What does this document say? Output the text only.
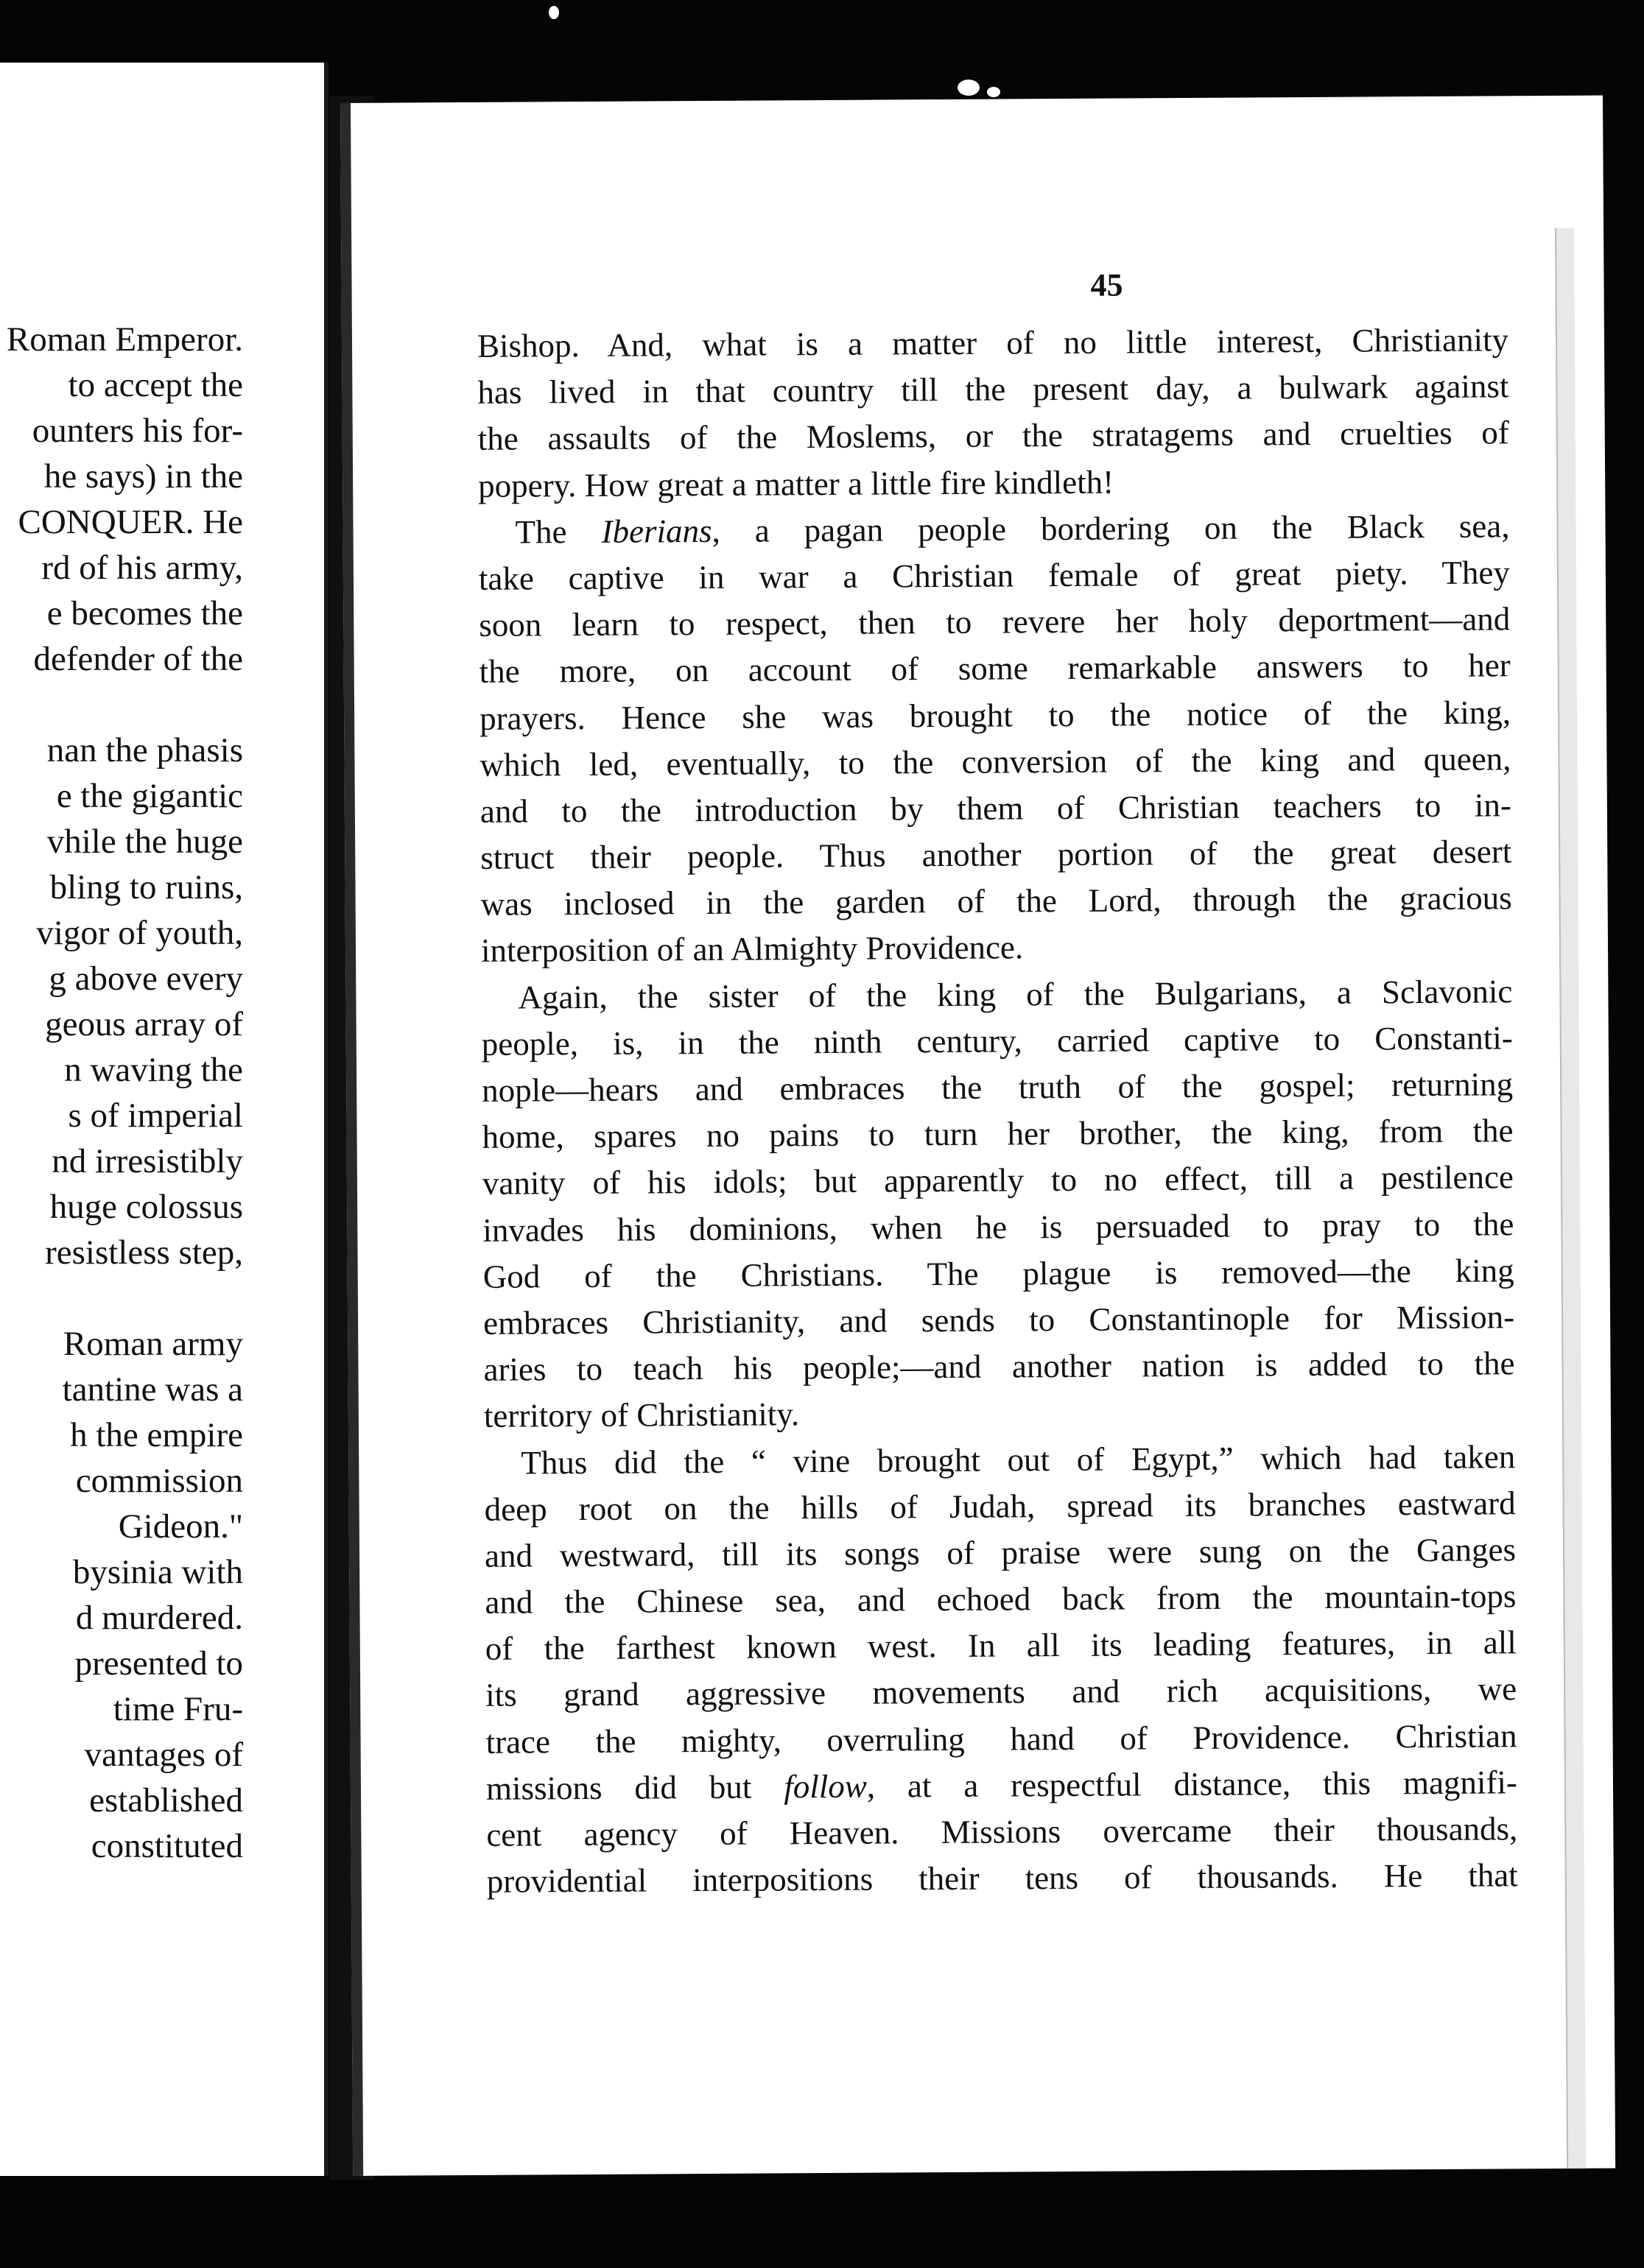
Roman Emperor.
to accept the
ounters his for-
he says) in the
CONQUER. He
rd of his army,
e becomes the
defender of the
nan the phasis
e the gigantic
vhile the huge
bling to ruins,
vigor of youth,
g above every
geous array of
n waving the
s of imperial
nd irresistibly
huge colossus
resistless step,
Roman army
tantine was a
h the empire
commission
Gideon."
bysinia with
d murdered.
presented to
time Fru-
vantages of
established
constituted
45
Bishop. And, what is a matter of no little interest, Christianity
has lived in that country till the present day, a bulwark against
the assaults of the Moslems, or the stratagems and cruelties of
popery. How great a matter a little fire kindleth!
The Iberians, a pagan people bordering on the Black sea,
take captive in war a Christian female of great piety. They
soon learn to respect, then to revere her holy deportment—and
the more, on account of some remarkable answers to her
prayers. Hence she was brought to the notice of the king,
which led, eventually, to the conversion of the king and queen,
and to the introduction by them of Christian teachers to in-
struct their people. Thus another portion of the great desert
was inclosed in the garden of the Lord, through the gracious
interposition of an Almighty Providence.
Again, the sister of the king of the Bulgarians, a Sclavonic
people, is, in the ninth century, carried captive to Constanti-
nople—hears and embraces the truth of the gospel; returning
home, spares no pains to turn her brother, the king, from the
vanity of his idols; but apparently to no effect, till a pestilence
invades his dominions, when he is persuaded to pray to the
God of the Christians. The plague is removed—the king
embraces Christianity, and sends to Constantinople for Mission-
aries to teach his people;—and another nation is added to the
territory of Christianity.
Thus did the “ vine brought out of Egypt,” which had taken
deep root on the hills of Judah, spread its branches eastward
and westward, till its songs of praise were sung on the Ganges
and the Chinese sea, and echoed back from the mountain-tops
of the farthest known west. In all its leading features, in all
its grand aggressive movements and rich acquisitions, we
trace the mighty, overruling hand of Providence. Christian
missions did but follow, at a respectful distance, this magnifi-
cent agency of Heaven. Missions overcame their thousands,
providential interpositions their tens of thousands. He that
